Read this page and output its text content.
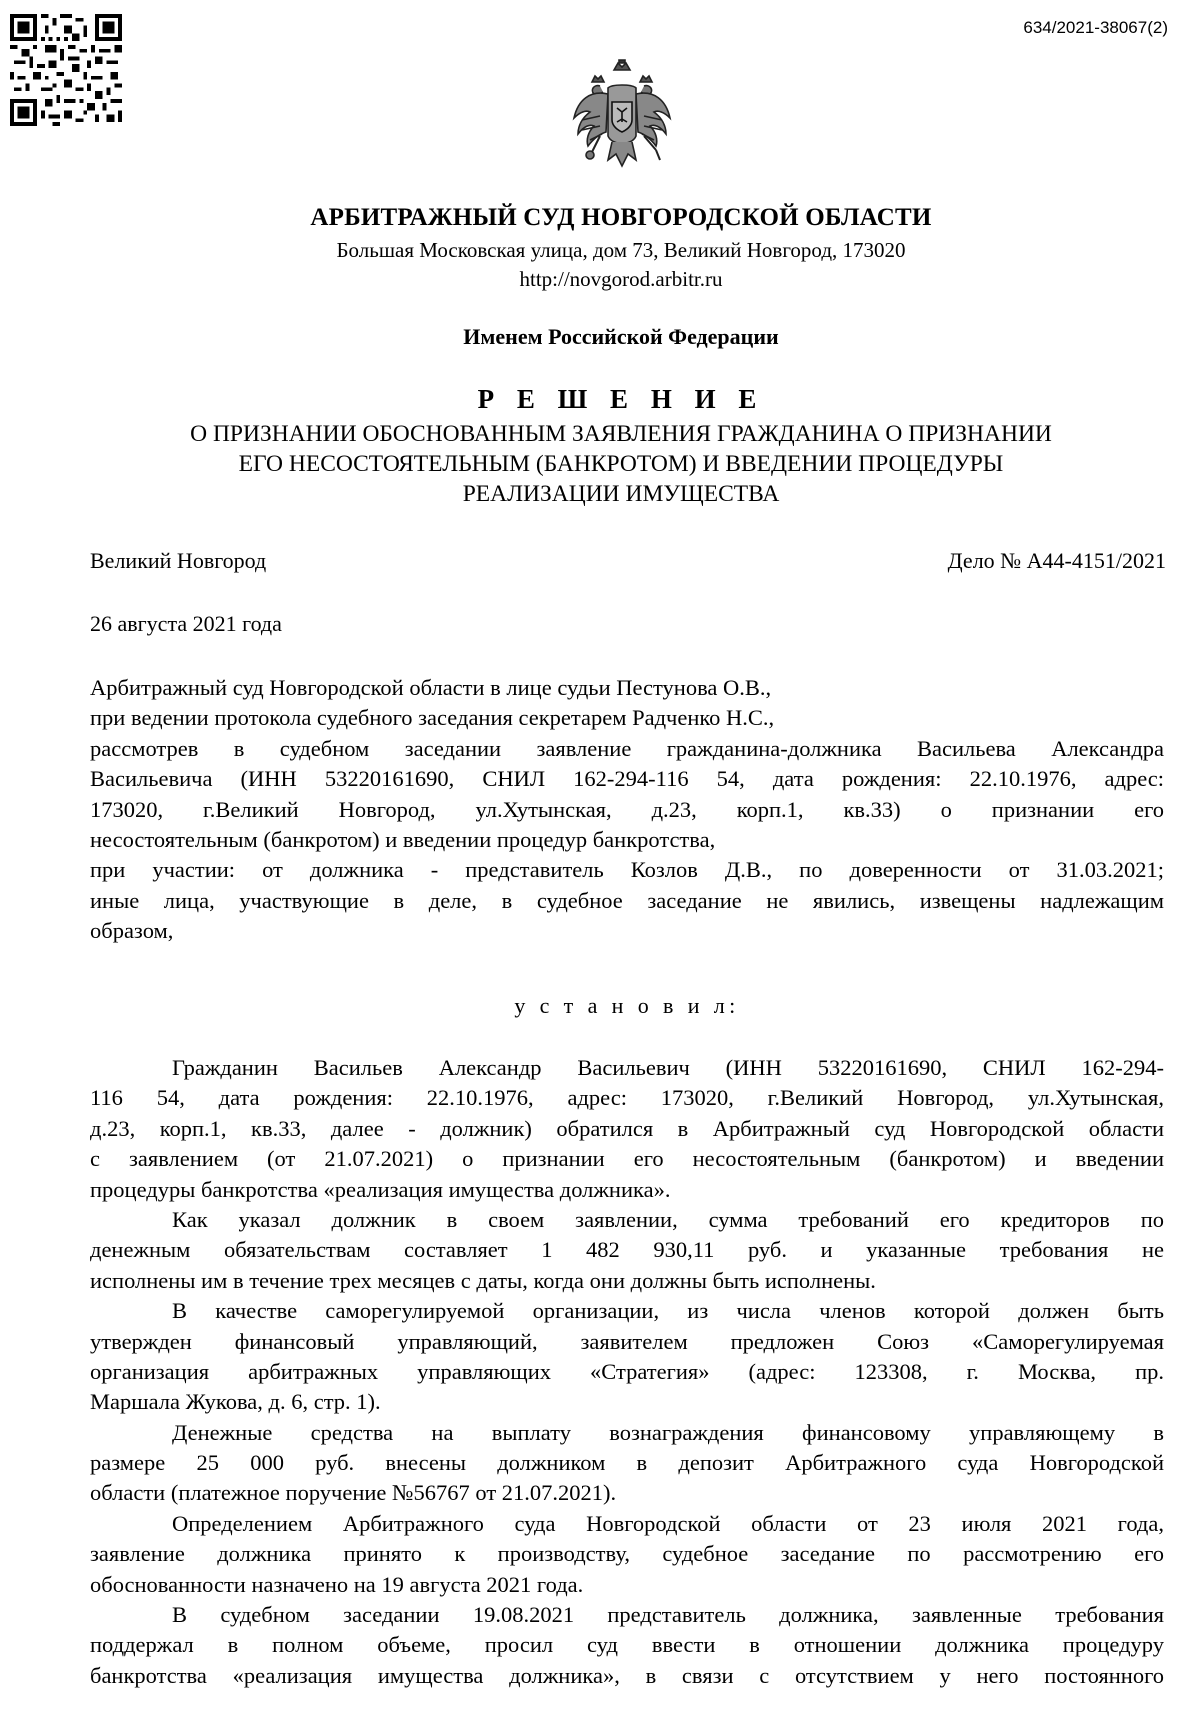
634/2021-38067(2)
АРБИТРАЖНЫЙ СУД НОВГОРОДСКОЙ ОБЛАСТИ
Большая Московская улица, дом 73, Великий Новгород, 173020
http://novgorod.arbitr.ru
Именем Российской Федерации
Р Е Ш Е Н И Е
О ПРИЗНАНИИ ОБОСНОВАННЫМ ЗАЯВЛЕНИЯ ГРАЖДАНИНА О ПРИЗНАНИИ
ЕГО НЕСОСТОЯТЕЛЬНЫМ (БАНКРОТОМ) И ВВЕДЕНИИ ПРОЦЕДУРЫ
РЕАЛИЗАЦИИ ИМУЩЕСТВА
Великий Новгород	Дело № А44-4151/2021
26 августа 2021 года
Арбитражный суд Новгородской области в лице судьи Пестунова О.В.,
при ведении протокола судебного заседания секретарем Радченко Н.С.,
рассмотрев в судебном заседании заявление гражданина-должника Васильева Александра
Васильевича (ИНН 53220161690, СНИЛ 162-294-116 54, дата рождения: 22.10.1976, адрес:
173020, г.Великий Новгород, ул.Хутынская, д.23, корп.1, кв.33) о признании его
несостоятельным (банкротом) и введении процедур банкротства,
при участии: от должника - представитель Козлов Д.В., по доверенности от 31.03.2021;
иные лица, участвующие в деле, в судебное заседание не явились, извещены надлежащим
образом,
у с т а н о в и л:
Гражданин Васильев Александр Васильевич (ИНН 53220161690, СНИЛ 162-294-
116 54, дата рождения: 22.10.1976, адрес: 173020, г.Великий Новгород, ул.Хутынская,
д.23, корп.1, кв.33, далее - должник) обратился в Арбитражный суд Новгородской области
с заявлением (от 21.07.2021) о признании его несостоятельным (банкротом) и введении
процедуры банкротства «реализация имущества должника».
Как указал должник в своем заявлении, сумма требований его кредиторов по
денежным обязательствам составляет 1 482 930,11 руб. и указанные требования не
исполнены им в течение трех месяцев с даты, когда они должны быть исполнены.
В качестве саморегулируемой организации, из числа членов которой должен быть
утвержден финансовый управляющий, заявителем предложен Союз «Саморегулируемая
организация арбитражных управляющих «Стратегия» (адрес: 123308, г. Москва, пр.
Маршала Жукова, д. 6, стр. 1).
Денежные средства на выплату вознаграждения финансовому управляющему в
размере 25 000 руб. внесены должником в депозит Арбитражного суда Новгородской
области (платежное поручение №56767 от 21.07.2021).
Определением Арбитражного суда Новгородской области от 23 июля 2021 года,
заявление должника принято к производству, судебное заседание по рассмотрению его
обоснованности назначено на 19 августа 2021 года.
В судебном заседании 19.08.2021 представитель должника, заявленные требования
поддержал в полном объеме, просил суд ввести в отношении должника процедуру
банкротства «реализация имущества должника», в связи с отсутствием у него постоянного
